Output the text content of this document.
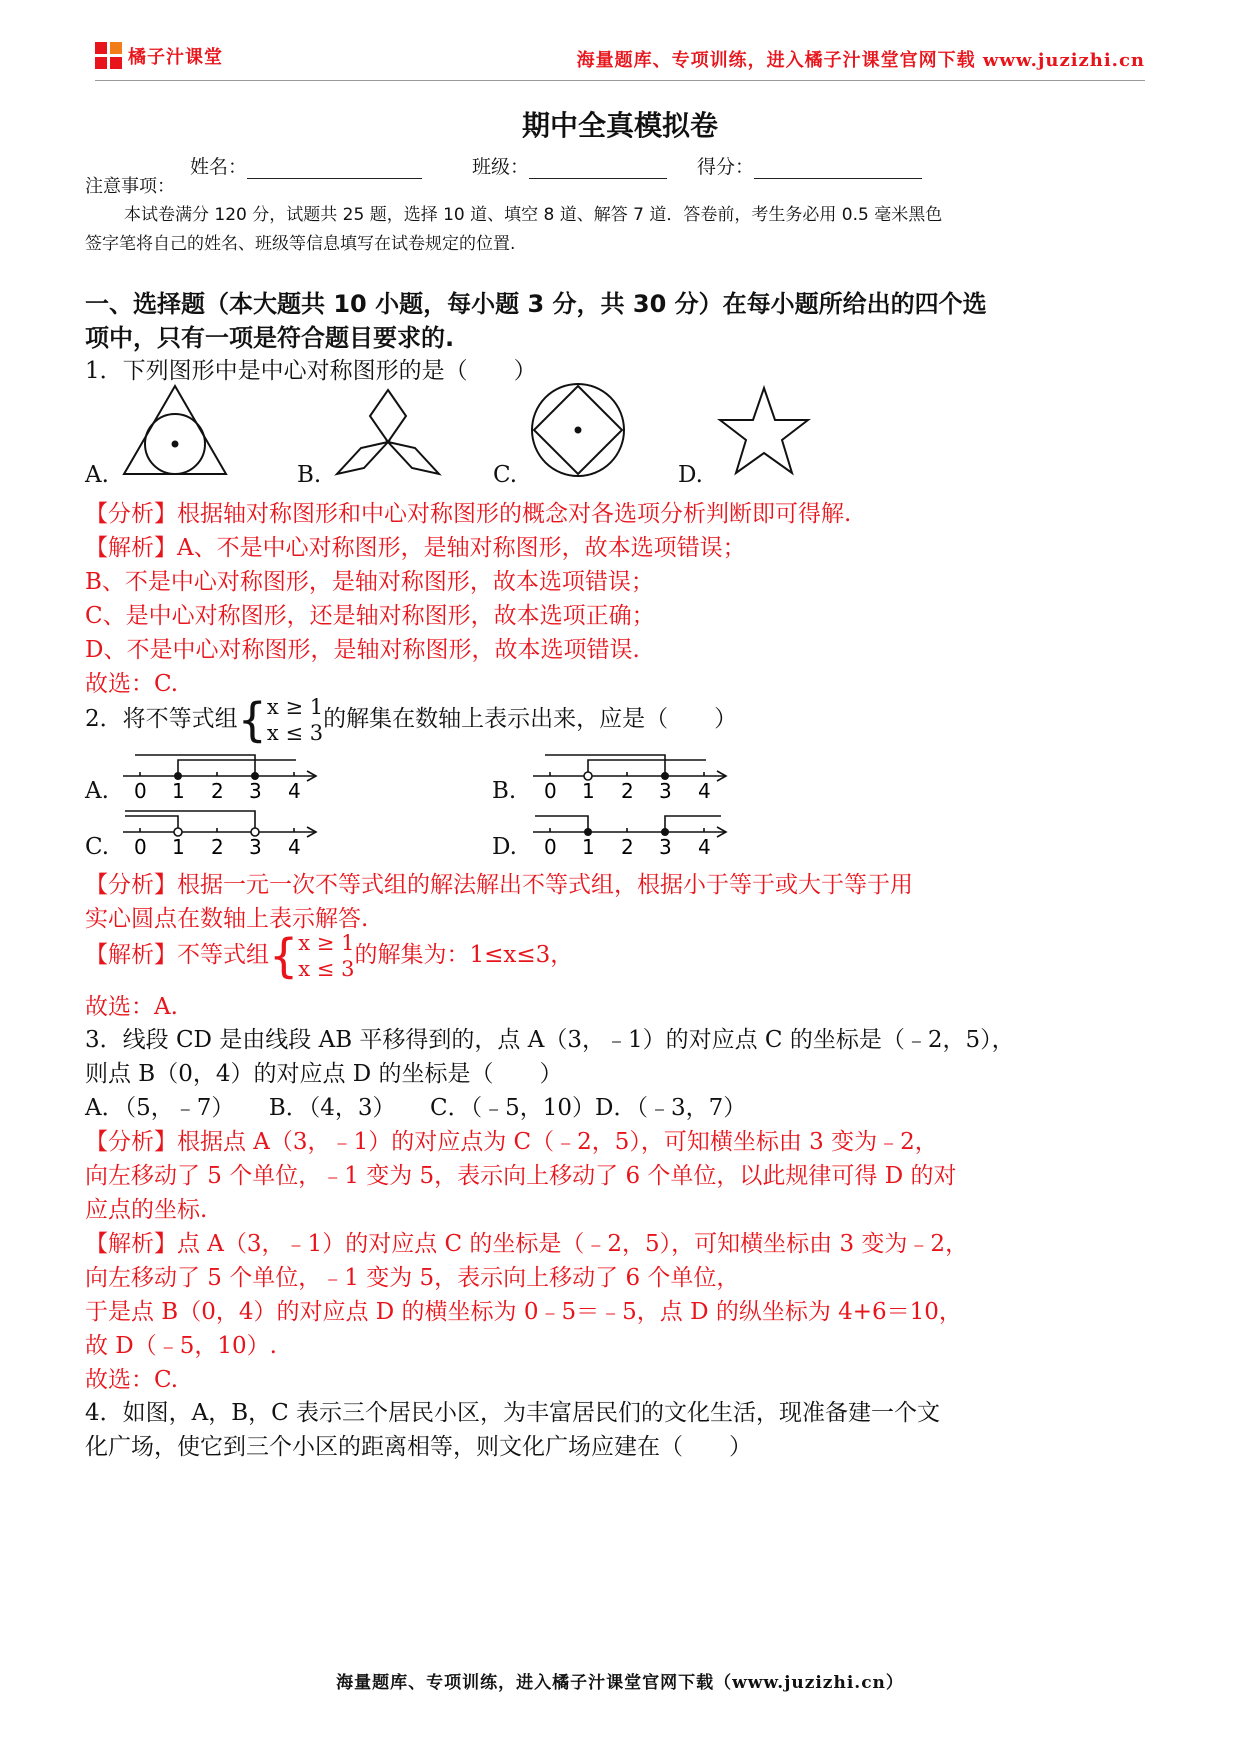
橘子汁课堂	海量题库、专项训练，进入橘子汁课堂官网下载 www.juzizhi.cn
期中全真模拟卷
姓名：	班级：	得分：
注意事项：
本试卷满分 120 分，试题共 25 题，选择 10 道、填空 8 道、解答 7 道．答卷前，考生务必用 0.5 毫米黑色
签字笔将自己的姓名、班级等信息填写在试卷规定的位置.
一、选择题（本大题共 10 小题，每小题 3 分，共 30 分）在每小题所给出的四个选
项中，只有一项是符合题目要求的.
1．下列图形中是中心对称图形的是（　　）
A.	B.	C.	D.
【分析】根据轴对称图形和中心对称图形的概念对各选项分析判断即可得解.
【解析】A、不是中心对称图形，是轴对称图形，故本选项错误；
B、不是中心对称图形，是轴对称图形，故本选项错误；
C、是中心对称图形，还是轴对称图形，故本选项正确；
D、不是中心对称图形，是轴对称图形，故本选项错误.
故选：C.
2．将不等式组{x ≥ 1
x ≤ 3的解集在数轴上表示出来，应是（　　）
0 1 2 3 4	0 1 2 3 4
0 1 2 3 4	0 1 2 3 4
A.	B.
C.	D.
【分析】根据一元一次不等式组的解法解出不等式组，根据小于等于或大于等于用
实心圆点在数轴上表示解答.
【解析】不等式组{x ≥ 1
x ≤ 3的解集为：1≤x≤3，
故选：A.
3．线段 CD 是由线段 AB 平移得到的，点 A（3，﹣1）的对应点 C 的坐标是（﹣2，5），
则点 B（0，4）的对应点 D 的坐标是（　　）
A．（5，﹣7）　　B．（4，3）　　C．（﹣5，10）D．（﹣3，7）
【分析】根据点 A（3，﹣1）的对应点为 C（﹣2，5），可知横坐标由 3 变为﹣2，
向左移动了 5 个单位，﹣1 变为 5，表示向上移动了 6 个单位，以此规律可得 D 的对
应点的坐标.
【解析】点 A（3，﹣1）的对应点 C 的坐标是（﹣2，5），可知横坐标由 3 变为﹣2，
向左移动了 5 个单位，﹣1 变为 5，表示向上移动了 6 个单位，
于是点 B（0，4）的对应点 D 的横坐标为 0﹣5＝﹣5，点 D 的纵坐标为 4+6＝10，
故 D（﹣5，10）.
故选：C.
4．如图，A，B，C 表示三个居民小区，为丰富居民们的文化生活，现准备建一个文
化广场，使它到三个小区的距离相等，则文化广场应建在（　　）
海量题库、专项训练，进入橘子汁课堂官网下载（www.juzizhi.cn）
